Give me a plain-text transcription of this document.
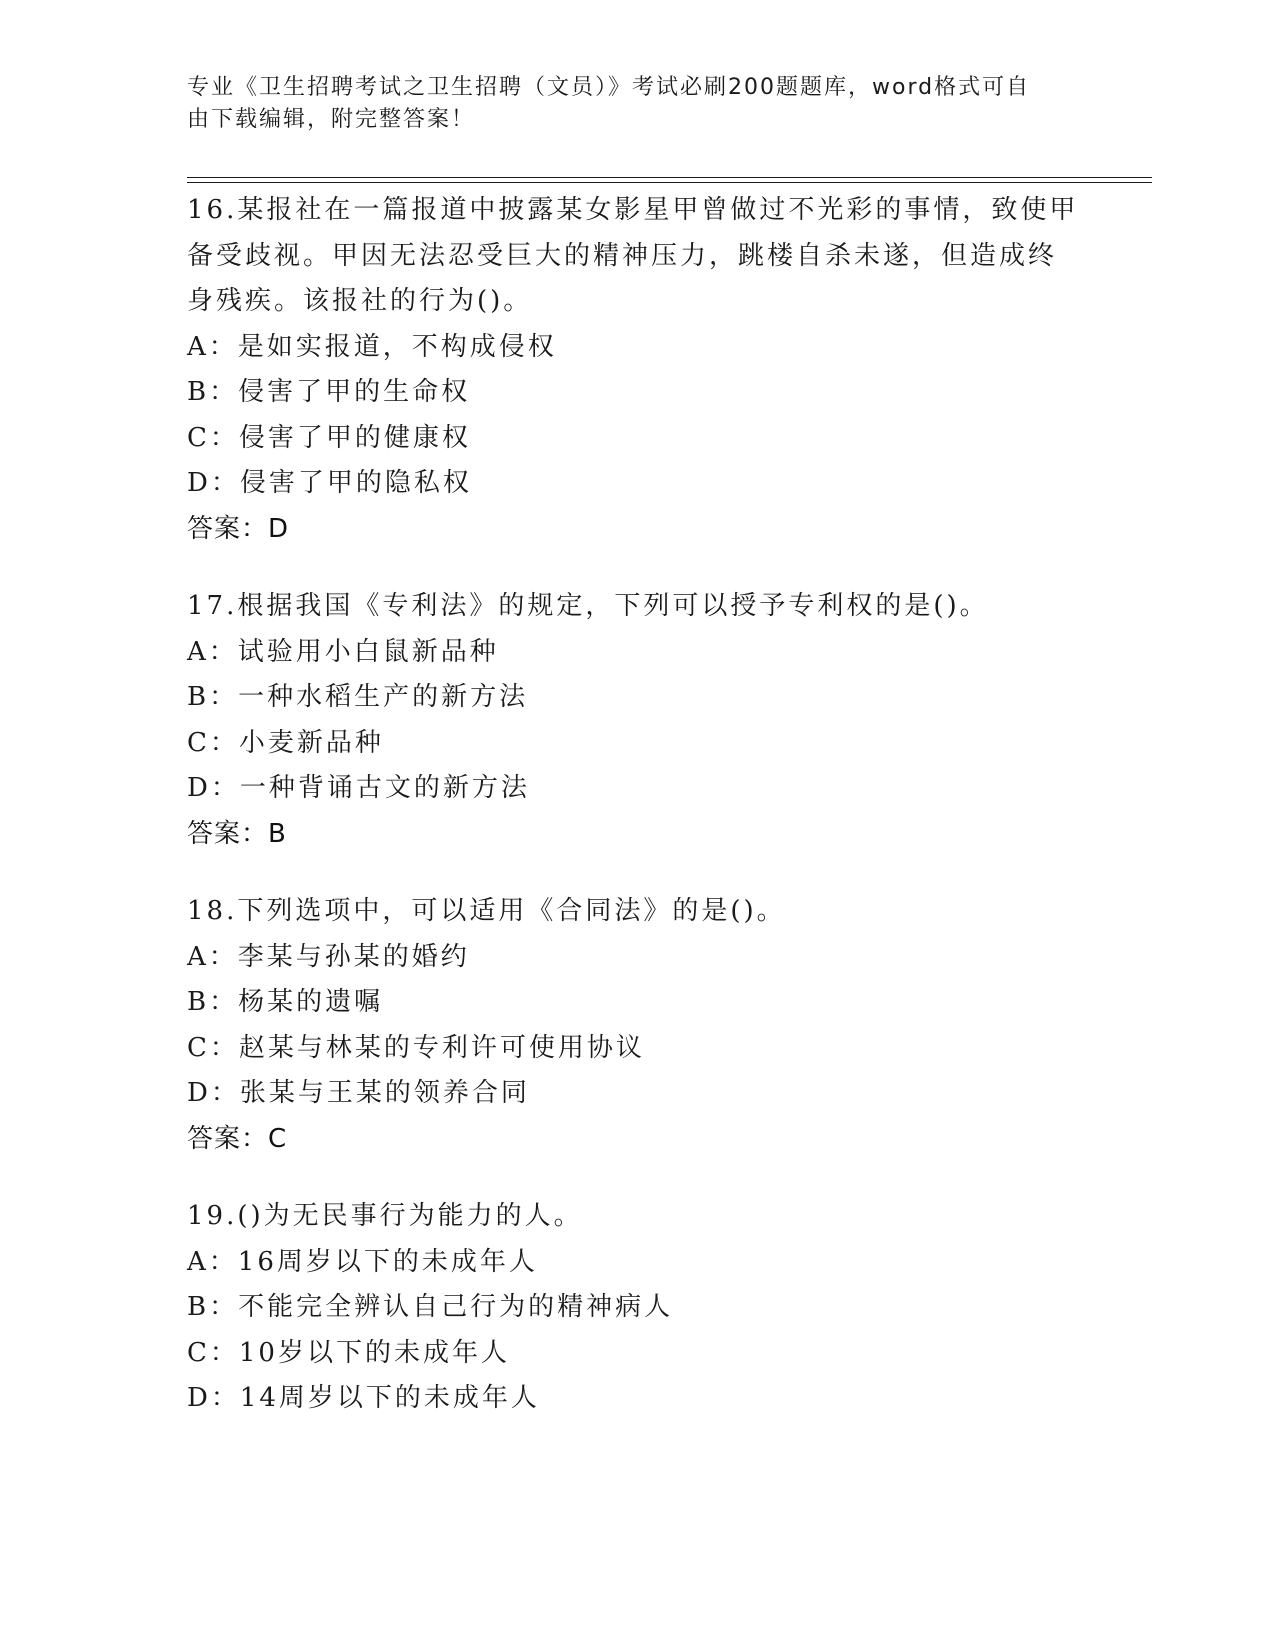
专业《卫生招聘考试之卫生招聘（文员）》考试必刷200题题库，word格式可自
由下载编辑，附完整答案！
16.某报社在一篇报道中披露某女影星甲曾做过不光彩的事情，致使甲
备受歧视。甲因无法忍受巨大的精神压力，跳楼自杀未遂，但造成终
身残疾。该报社的行为()。
A：是如实报道，不构成侵权
B：侵害了甲的生命权
C：侵害了甲的健康权
D：侵害了甲的隐私权
答案：D
17.根据我国《专利法》的规定，下列可以授予专利权的是()。
A：试验用小白鼠新品种
B：一种水稻生产的新方法
C：小麦新品种
D：一种背诵古文的新方法
答案：B
18.下列选项中，可以适用《合同法》的是()。
A：李某与孙某的婚约
B：杨某的遗嘱
C：赵某与林某的专利许可使用协议
D：张某与王某的领养合同
答案：C
19.()为无民事行为能力的人。
A：16周岁以下的未成年人
B：不能完全辨认自己行为的精神病人
C：10岁以下的未成年人
D：14周岁以下的未成年人
